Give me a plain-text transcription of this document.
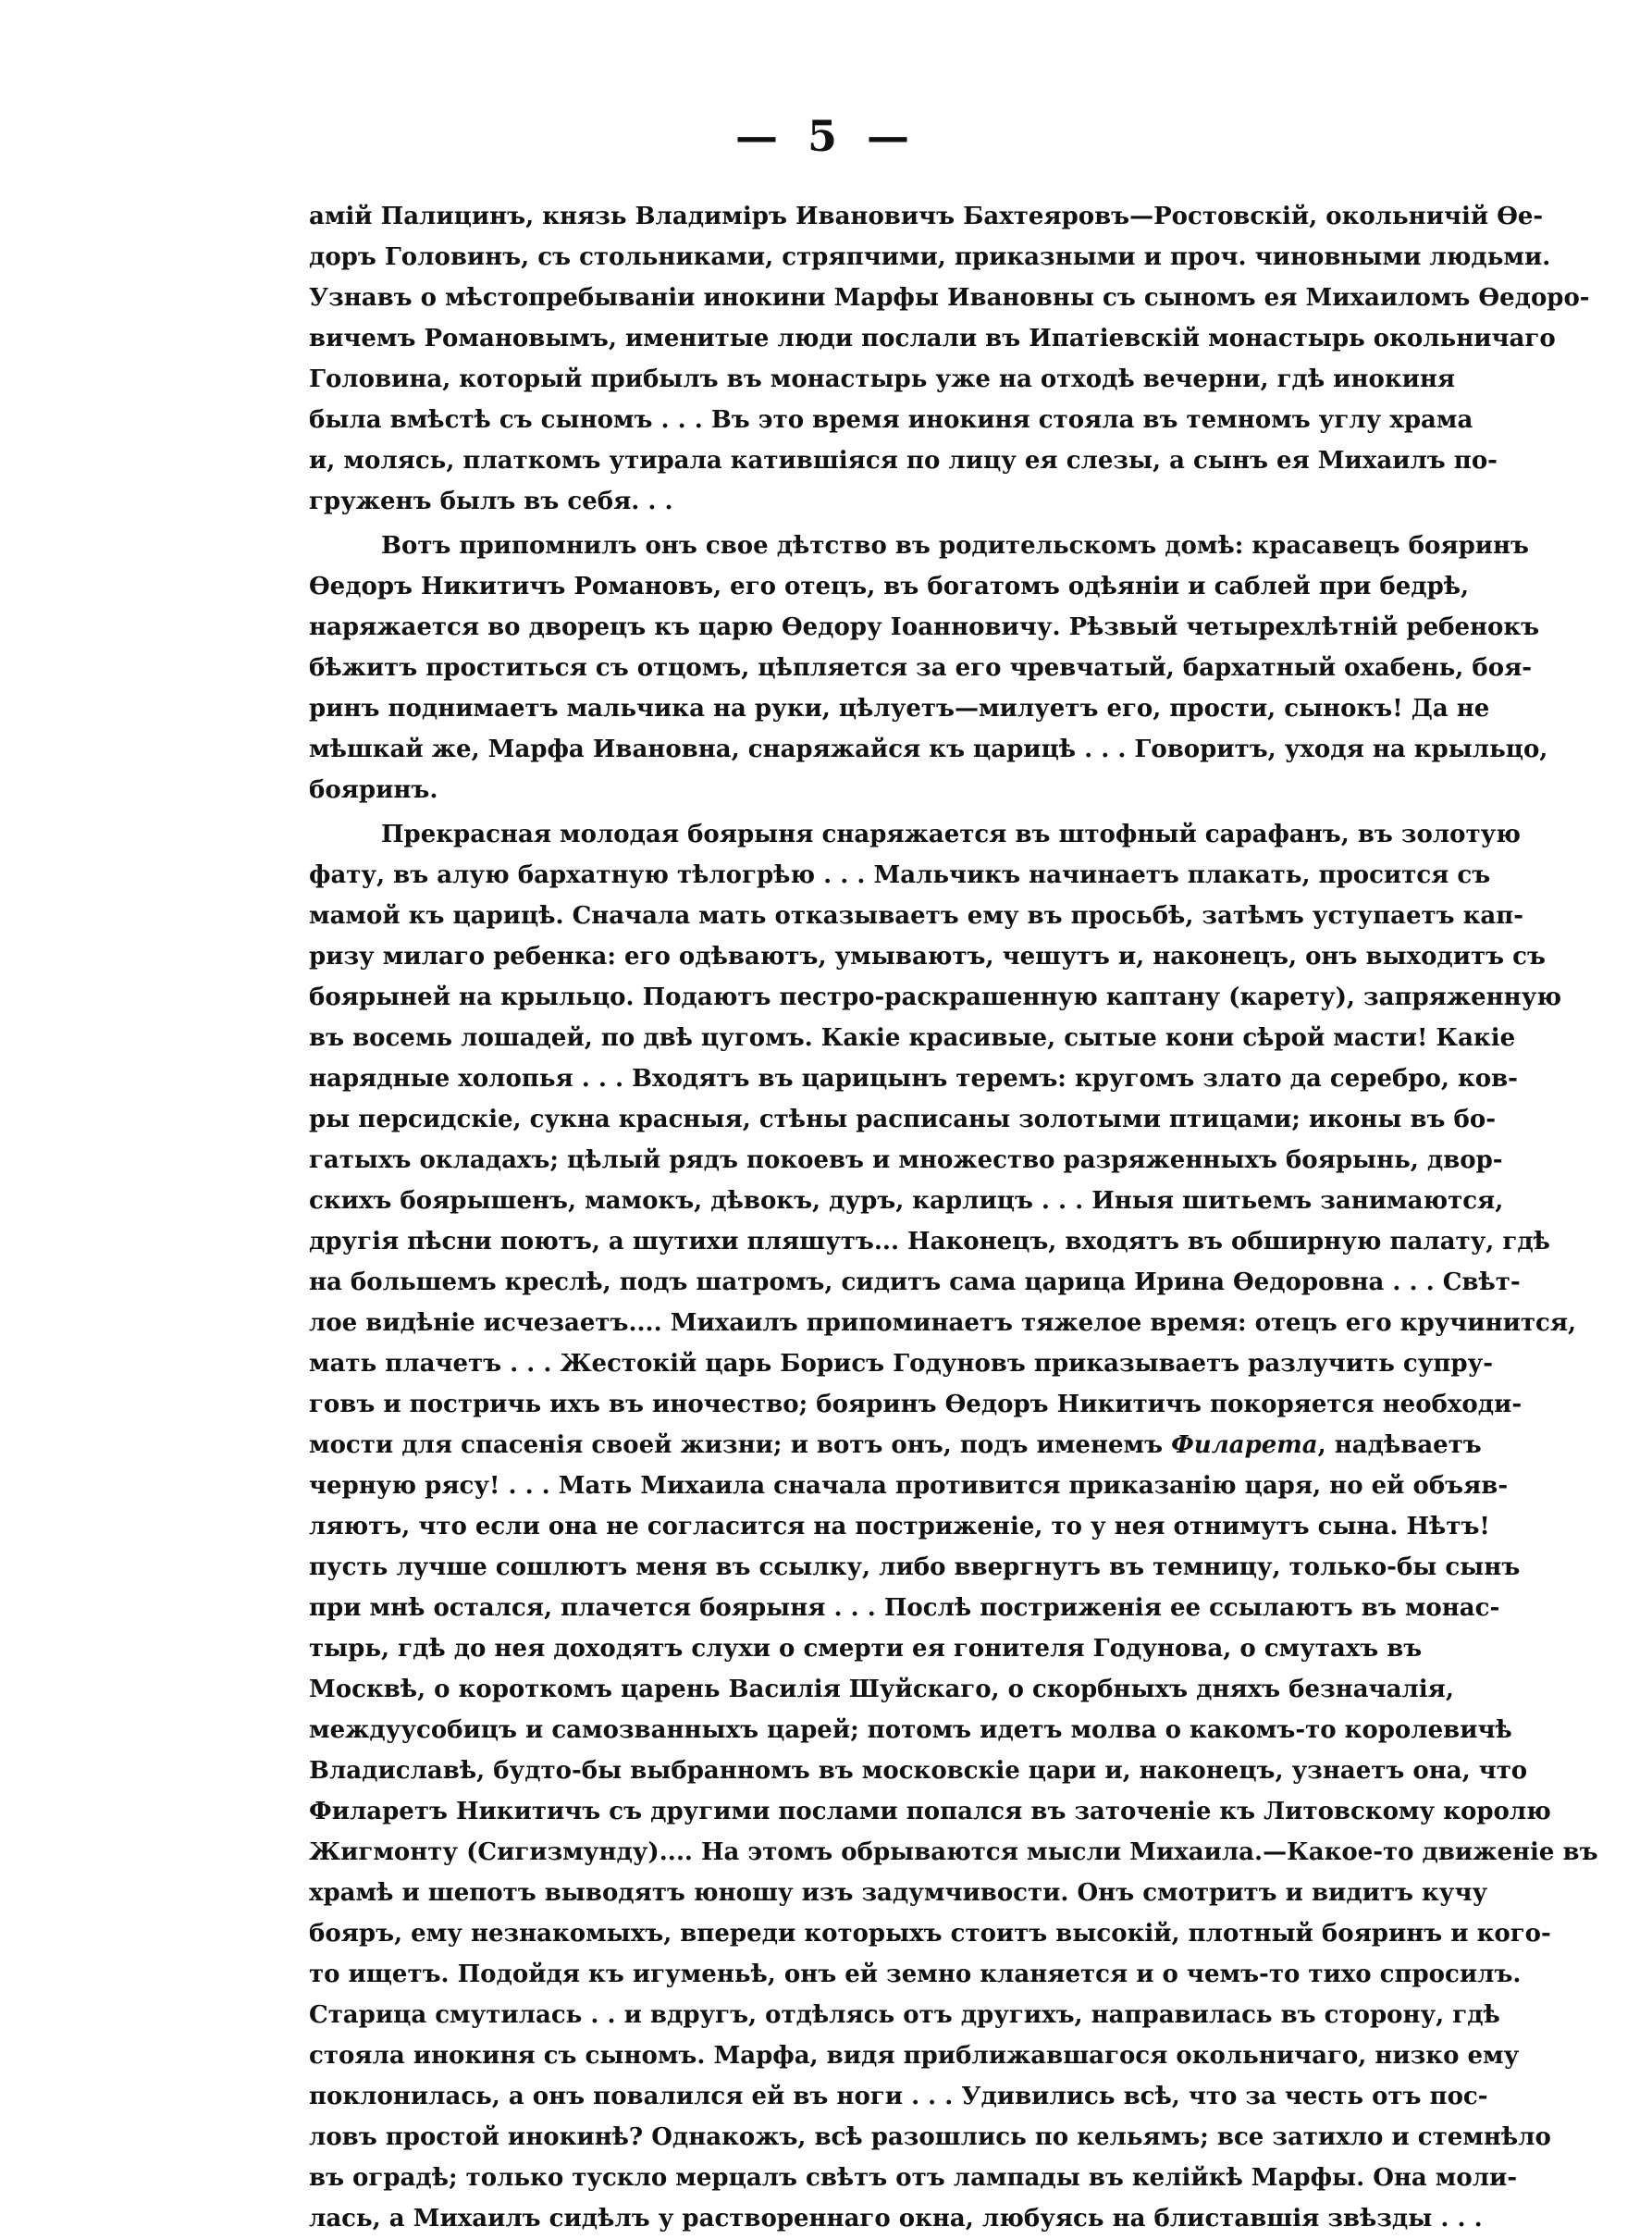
— 5 —
амій Палицинъ, князь Владиміръ Ивановичъ Бахтеяровъ—Ростовскій, окольничій Өе-
доръ Головинъ, съ стольниками, стряпчими, приказными и проч. чиновными людьми.
Узнавъ о мѣстопребываніи инокини Марфы Ивановны съ сыномъ ея Михаиломъ Өедоро-
вичемъ Романовымъ, именитые люди послали въ Ипатіевскій монастырь окольничаго
Головина, который прибылъ въ монастырь уже на отходѣ вечерни, гдѣ инокиня
была вмѣстѣ съ сыномъ . . . Въ это время инокиня стояла въ темномъ углу храма
и, молясь, платкомъ утирала катившіяся по лицу ея слезы, а сынъ ея Михаилъ по-
груженъ былъ въ себя. . .
Вотъ припомнилъ онъ свое дѣтство въ родительскомъ домѣ: красавецъ бояринъ
Өедоръ Никитичъ Романовъ, его отецъ, въ богатомъ одѣяніи и саблей при бедрѣ,
наряжается во дворецъ къ царю Өедору Іоанновичу. Рѣзвый четырехлѣтній ребенокъ
бѣжитъ проститься съ отцомъ, цѣпляется за его чревчатый, бархатный охабень, боя-
ринъ поднимаетъ мальчика на руки, цѣлуетъ—милуетъ его, прости, сынокъ! Да не
мѣшкай же, Марфа Ивановна, снаряжайся къ царицѣ . . . Говоритъ, уходя на крыльцо,
бояринъ.
Прекрасная молодая боярыня снаряжается въ штофный сарафанъ, въ золотую
фату, въ алую бархатную тѣлогрѣю . . . Мальчикъ начинаетъ плакать, просится съ
мамой къ царицѣ. Сначала мать отказываетъ ему въ просьбѣ, затѣмъ уступаетъ кап-
ризу милаго ребенка: его одѣваютъ, умываютъ, чешутъ и, наконецъ, онъ выходитъ съ
боярыней на крыльцо. Подаютъ пестро-раскрашенную каптану (карету), запряженную
въ восемь лошадей, по двѣ цугомъ. Какіе красивые, сытые кони сѣрой масти! Какіе
нарядные холопья . . . Входятъ въ царицынъ теремъ: кругомъ злато да серебро, ков-
ры персидскіе, сукна красныя, стѣны расписаны золотыми птицами; иконы въ бо-
гатыхъ окладахъ; цѣлый рядъ покоевъ и множество разряженныхъ боярынь, двор-
скихъ боярышенъ, мамокъ, дѣвокъ, дуръ, карлицъ . . . Иныя шитьемъ занимаются,
другія пѣсни поютъ, а шутихи пляшутъ... Наконецъ, входятъ въ обширную палату, гдѣ
на большемъ креслѣ, подъ шатромъ, сидитъ сама царица Ирина Өедоровна . . . Свѣт-
лое видѣніе исчезаетъ.... Михаилъ припоминаетъ тяжелое время: отецъ его кручинится,
мать плачетъ . . . Жестокій царь Борисъ Годуновъ приказываетъ разлучить супру-
говъ и постричь ихъ въ иночество; бояринъ Өедоръ Никитичъ покоряется необходи-
мости для спасенія своей жизни; и вотъ онъ, подъ именемъ Филарета, надѣваетъ
черную рясу! . . . Мать Михаила сначала противится приказанію царя, но ей объяв-
ляютъ, что если она не согласится на постриженіе, то у нея отнимутъ сына. Нѣтъ!
пусть лучше сошлютъ меня въ ссылку, либо ввергнутъ въ темницу, только-бы сынъ
при мнѣ остался, плачется боярыня . . . Послѣ постриженія ее ссылаютъ въ монас-
тырь, гдѣ до нея доходятъ слухи о смерти ея гонителя Годунова, о смутахъ въ
Москвѣ, о короткомъ царень Василія Шуйскаго, о скорбныхъ дняхъ безначалія,
междуусобицъ и самозванныхъ царей; потомъ идетъ молва о какомъ-то королевичѣ
Владиславѣ, будто-бы выбранномъ въ московскіе цари и, наконецъ, узнаетъ она, что
Филаретъ Никитичъ съ другими послами попался въ заточеніе къ Литовскому королю
Жигмонту (Сигизмунду).... На этомъ обрываются мысли Михаила.—Какое-то движеніе въ
храмѣ и шепотъ выводятъ юношу изъ задумчивости. Онъ смотритъ и видитъ кучу
бояръ, ему незнакомыхъ, впереди которыхъ стоитъ высокій, плотный бояринъ и кого-
то ищетъ. Подойдя къ игуменьѣ, онъ ей земно кланяется и о чемъ-то тихо спросилъ.
Старица смутилась . . и вдругъ, отдѣлясь отъ другихъ, направилась въ сторону, гдѣ
стояла инокиня съ сыномъ. Марфа, видя приближавшагося окольничаго, низко ему
поклонилась, а онъ повалился ей въ ноги . . . Удивились всѣ, что за честь отъ пос-
ловъ простой инокинѣ? Однакожъ, всѣ разошлись по кельямъ; все затихло и стемнѣло
въ оградѣ; только тускло мерцалъ свѣтъ отъ лампады въ келійкѣ Марфы. Она моли-
лась, а Михаилъ сидѣлъ у раствореннаго окна, любуясь на блиставшія звѣзды . . .
